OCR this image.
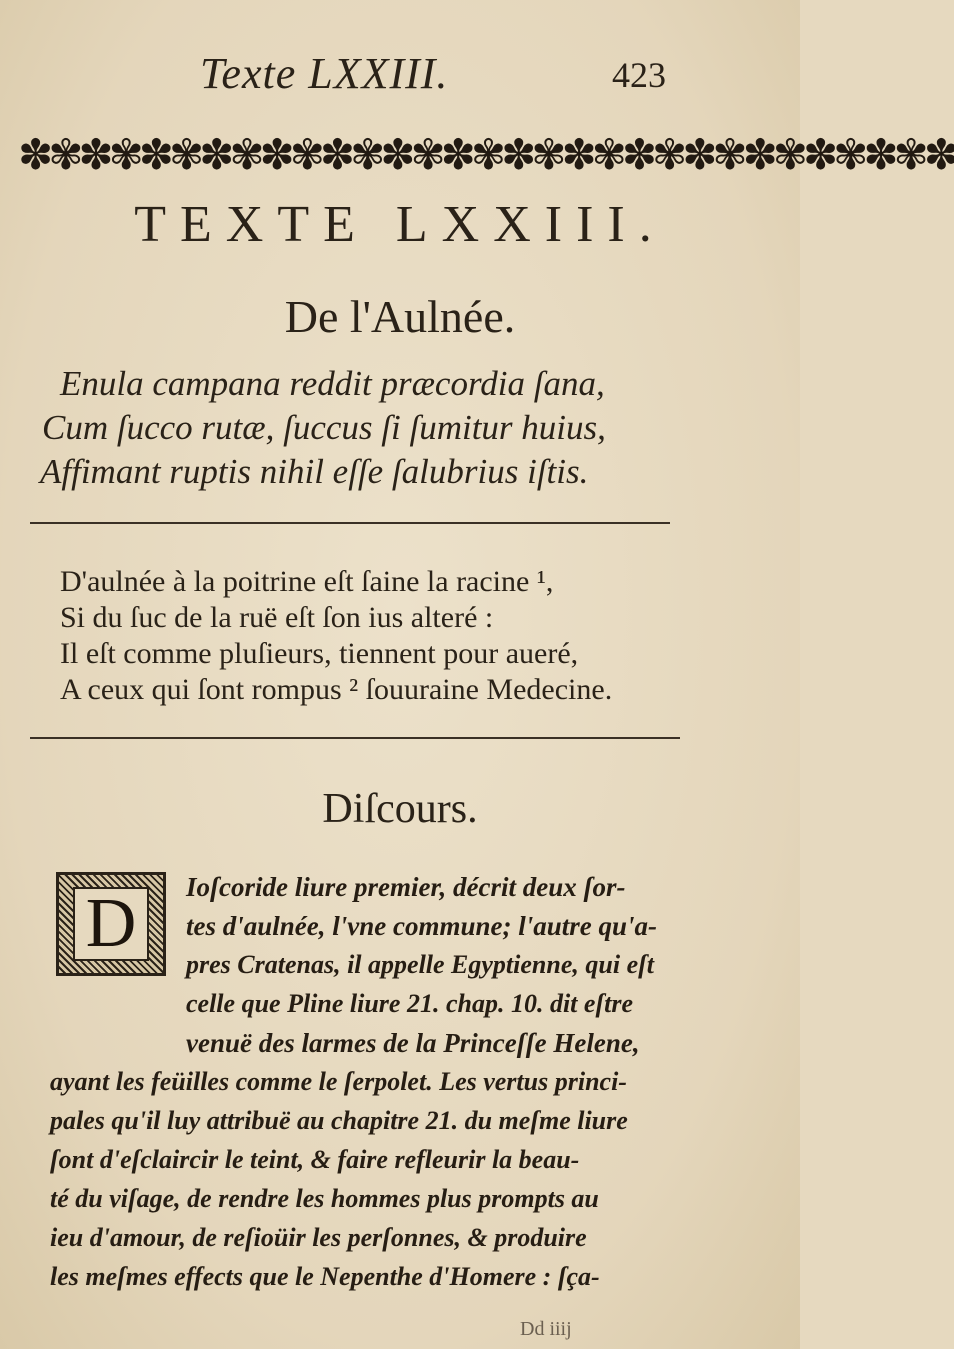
Texte LXXIII.	423
✽✾✽✾✽✾✽✾✽✾✽✾✽✾✽✾✽✾✽✾✽✾✽✾✽✾✽✾✽✾✽
TEXTE LXXIII.
De l'Aulnée.
Enula campana reddit præcordia ſana,
Cum ſucco rutæ, ſuccus ſi ſumitur huius,
Affimant ruptis nihil eſſe ſalubrius iſtis.
D'aulnée à la poitrine eſt ſaine la racine ¹,
Si du ſuc de la ruë eſt ſon ius alteré :
Il eſt comme pluſieurs, tiennent pour aueré,
A ceux qui ſont rompus ² ſouuraine Medecine.
Diſcours.
D	Ioſcoride liure premier, décrit deux ſor-
tes d'aulnée, l'vne commune; l'autre qu'a-
pres Cratenas, il appelle Egyptienne, qui eſt
celle que Pline liure 21. chap. 10. dit eſtre
venuë des larmes de la Princeſſe Helene,
ayant les feüilles comme le ſerpolet. Les vertus princi-
pales qu'il luy attribuë au chapitre 21. du meſme liure
ſont d'eſclaircir le teint, & faire refleurir la beau-
té du viſage, de rendre les hommes plus prompts au
ieu d'amour, de reſioüir les perſonnes, & produire
les meſmes effects que le Nepenthe d'Homere : ſça-
Dd iiij
